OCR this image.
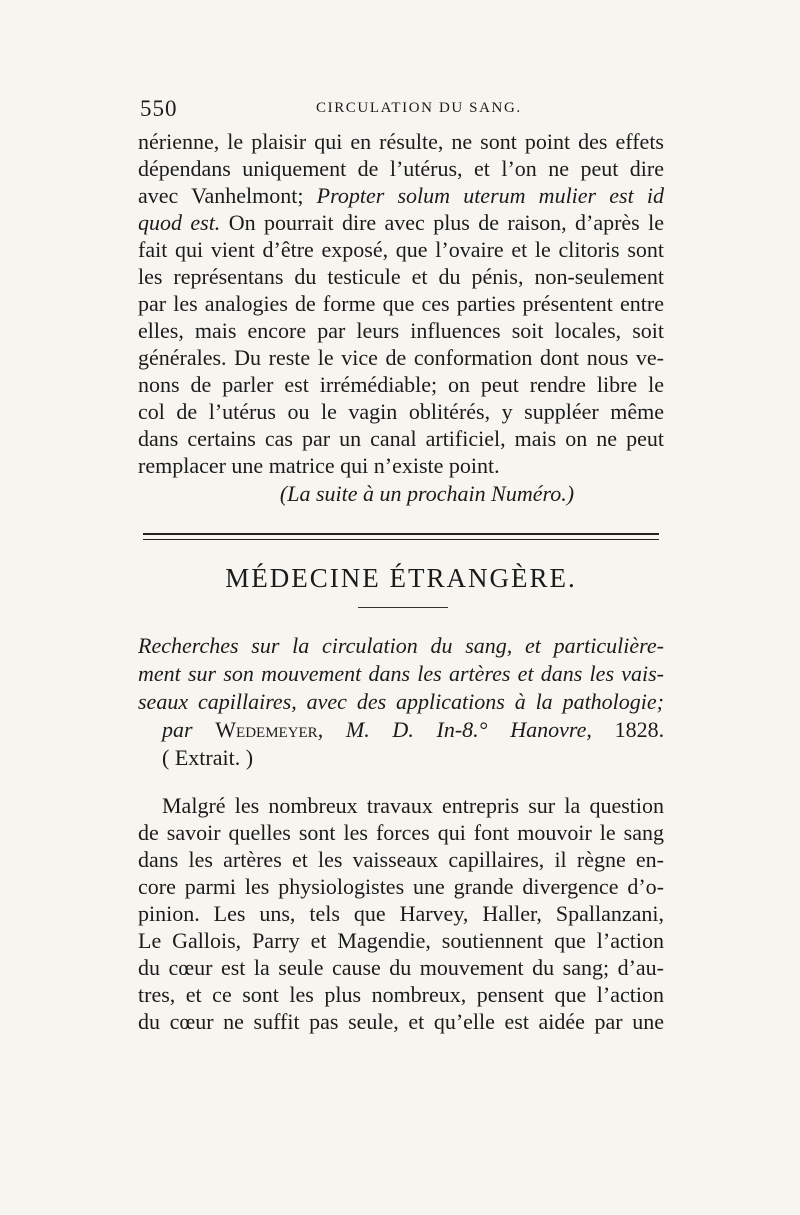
550	CIRCULATION DU SANG.
nérienne, le plaisir qui en résulte, ne sont point des effets
dépendans uniquement de l’utérus, et l’on ne peut dire
avec Vanhelmont; Propter solum uterum mulier est id
quod est. On pourrait dire avec plus de raison, d’après le
fait qui vient d’être exposé, que l’ovaire et le clitoris sont
les représentans du testicule et du pénis, non-seulement
par les analogies de forme que ces parties présentent entre
elles, mais encore par leurs influences soit locales, soit
générales. Du reste le vice de conformation dont nous ve-
nons de parler est irrémédiable; on peut rendre libre le
col de l’utérus ou le vagin oblitérés, y suppléer même
dans certains cas par un canal artificiel, mais on ne peut
remplacer une matrice qui n’existe point.
(La suite à un prochain Numéro.)
MÉDECINE ÉTRANGÈRE.
Recherches sur la circulation du sang, et particulière-
ment sur son mouvement dans les artères et dans les vais-
seaux capillaires, avec des applications à la pathologie;
par Wedemeyer, M. D. In-8.° Hanovre, 1828.
( Extrait. )
Malgré les nombreux travaux entrepris sur la question
de savoir quelles sont les forces qui font mouvoir le sang
dans les artères et les vaisseaux capillaires, il règne en-
core parmi les physiologistes une grande divergence d’o-
pinion. Les uns, tels que Harvey, Haller, Spallanzani,
Le Gallois, Parry et Magendie, soutiennent que l’action
du cœur est la seule cause du mouvement du sang; d’au-
tres, et ce sont les plus nombreux, pensent que l’action
du cœur ne suffit pas seule, et qu’elle est aidée par une
